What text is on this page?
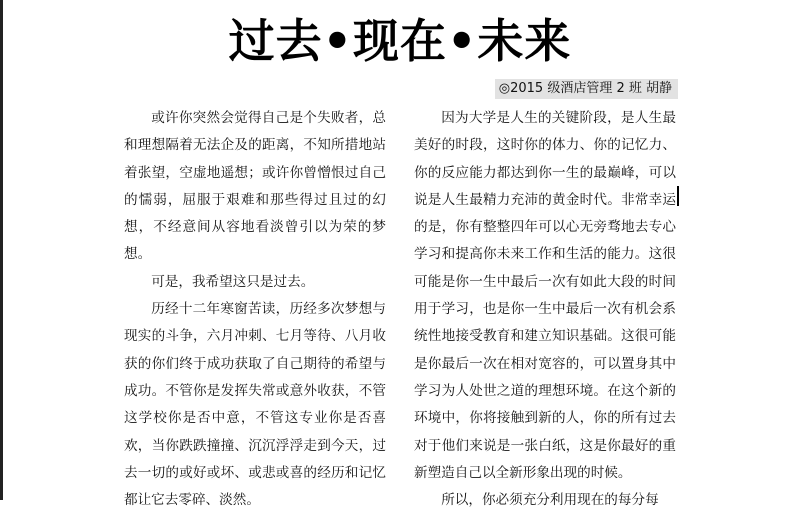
过去•现在•未来
◎2015 级酒店管理 2 班 胡静

或许你突然会觉得自己是个失败者，总和理想隔着无法企及的距离，不知所措地站着张望，空虚地遥想；或许你曾憎恨过自己的懦弱，屈服于艰难和那些得过且过的幻想，不经意间从容地看淡曾引以为荣的梦想。

可是，我希望这只是过去。

历经十二年寒窗苦读，历经多次梦想与现实的斗争，六月冲刺、七月等待、八月收获的你们终于成功获取了自己期待的希望与成功。不管你是发挥失常或意外收获，不管这学校你是否中意，不管这专业你是否喜欢，当你跌跌撞撞、沉沉浮浮走到今天，过去一切的或好或坏、或悲或喜的经历和记忆都让它去零碎、淡然。

因为大学是人生的关键阶段，是人生最美好的时段，这时你的体力、你的记忆力、你的反应能力都达到你一生的最巅峰，可以说是人生最精力充沛的黄金时代。非常幸运的是，你有整整四年可以心无旁骛地去专心学习和提高你未来工作和生活的能力。这很可能是你一生中最后一次有如此大段的时间用于学习，也是你一生中最后一次有机会系统性地接受教育和建立知识基础。这很可能是你最后一次在相对宽容的，可以置身其中学习为人处世之道的理想环境。在这个新的环境中，你将接触到新的人，你的所有过去对于他们来说是一张白纸，这是你最好的重新塑造自己以全新形象出现的时候。

所以，你必须充分利用现在的每分每
